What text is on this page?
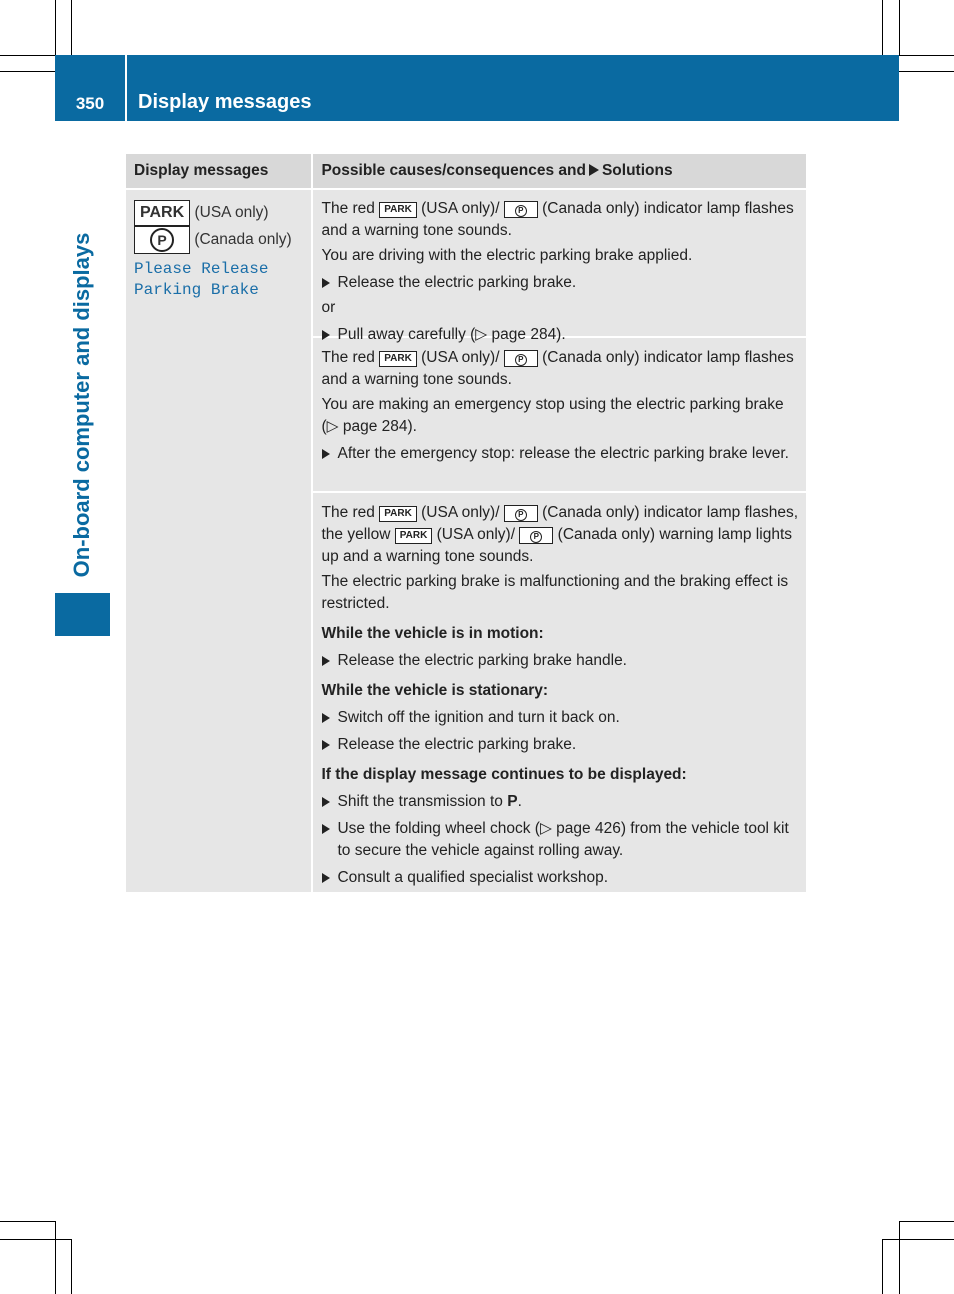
350	Display messages
On-board computer and displays
Display messages	Possible causes/consequences and Solutions
PARK (USA only) P (Canada only)
Please Release
Parking Brake

The red PARK (USA only)/ P (Canada only) indicator lamp flashes and a warning tone sounds.

You are driving with the electric parking brake applied.

Release the electric parking brake.
or
Pull away carefully (▷ page 284).

The red PARK (USA only)/ P (Canada only) indicator lamp flashes and a warning tone sounds.

You are making an emergency stop using the electric parking brake (▷ page 284).

After the emergency stop: release the electric parking brake lever.

The red PARK (USA only)/ P (Canada only) indicator lamp flashes, the yellow PARK (USA only)/ P (Canada only) warning lamp lights up and a warning tone sounds.

The electric parking brake is malfunctioning and the braking effect is restricted.

While the vehicle is in motion:
Release the electric parking brake handle.
While the vehicle is stationary:
Switch off the ignition and turn it back on.
Release the electric parking brake.
If the display message continues to be displayed:
Shift the transmission to P.
Use the folding wheel chock (▷ page 426) from the vehicle tool kit to secure the vehicle against rolling away.
Consult a qualified specialist workshop.
